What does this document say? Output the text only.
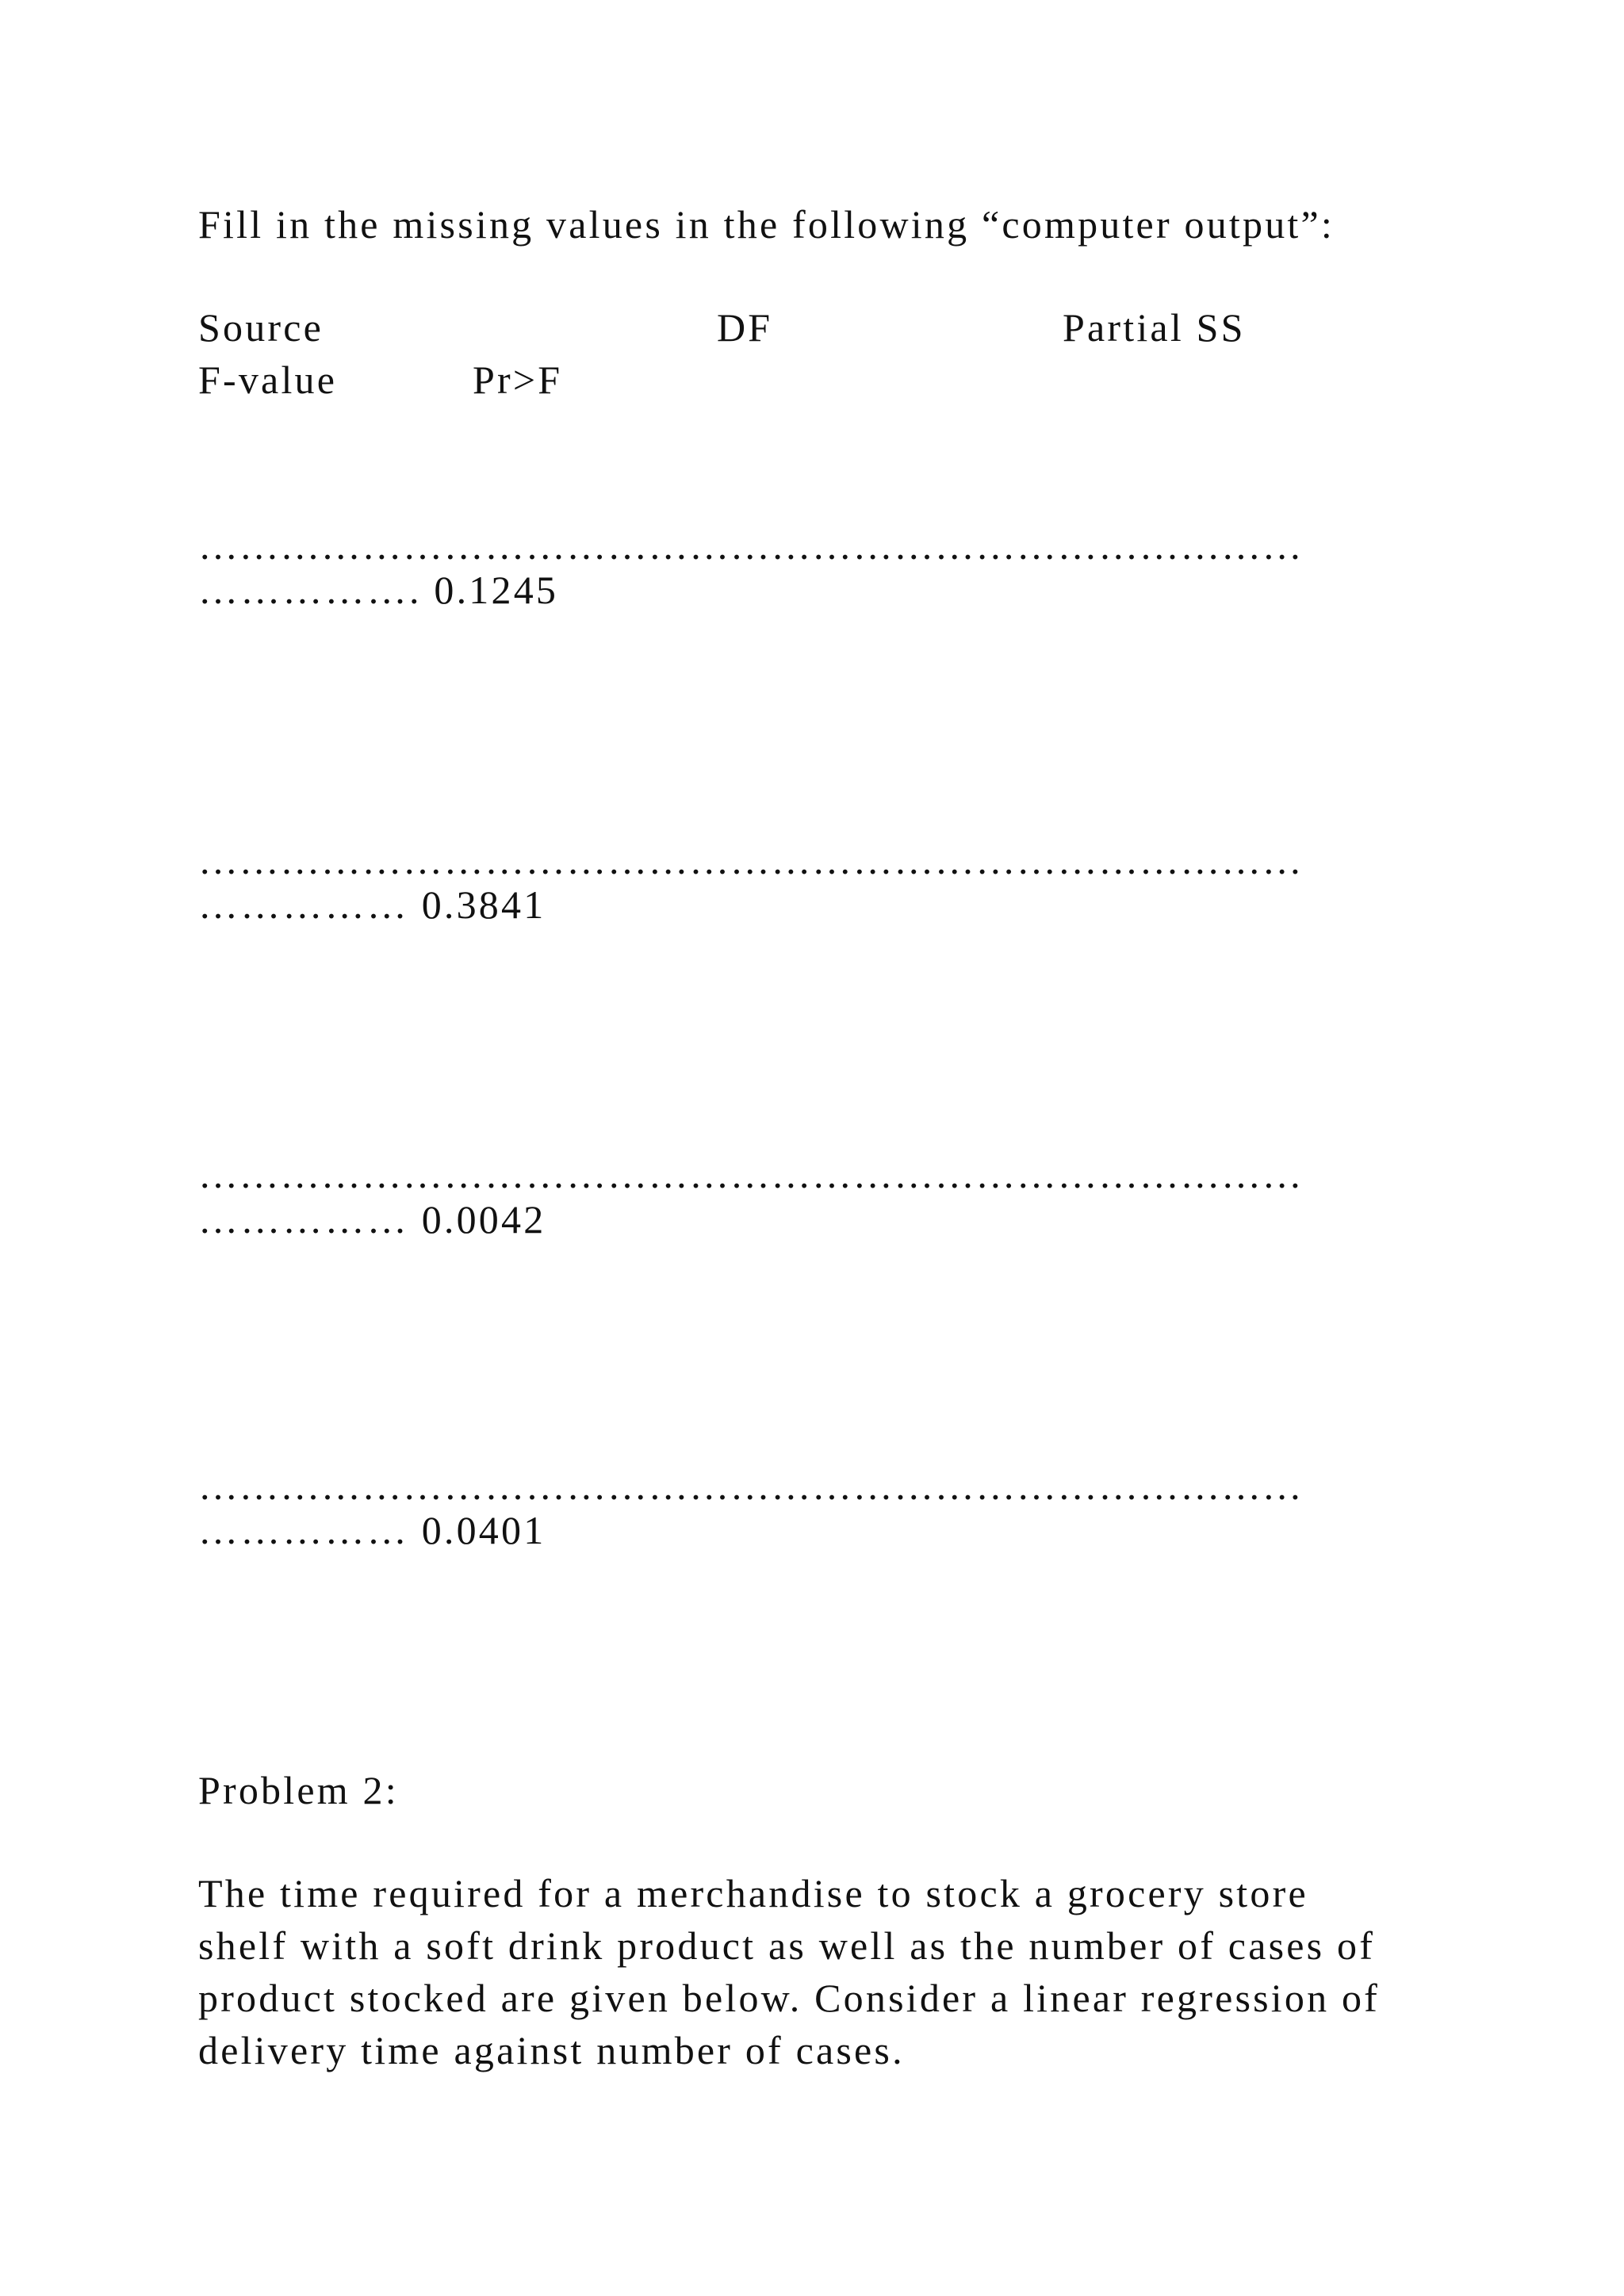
Fill in the missing values in the following “computer output”:

Source	DF	Partial SS
F-value	Pr>F
………………………………………………………………………
……………. 0.1245
………………………………………………………………………
…………… 0.3841
………………………………………………………………………
…………… 0.0042
………………………………………………………………………
…………… 0.0401

Problem 2:

The time required for a merchandise to stock a grocery store

shelf with a soft drink product as well as the number of cases of

product stocked are given below. Consider a linear regression of

delivery time against number of cases.
